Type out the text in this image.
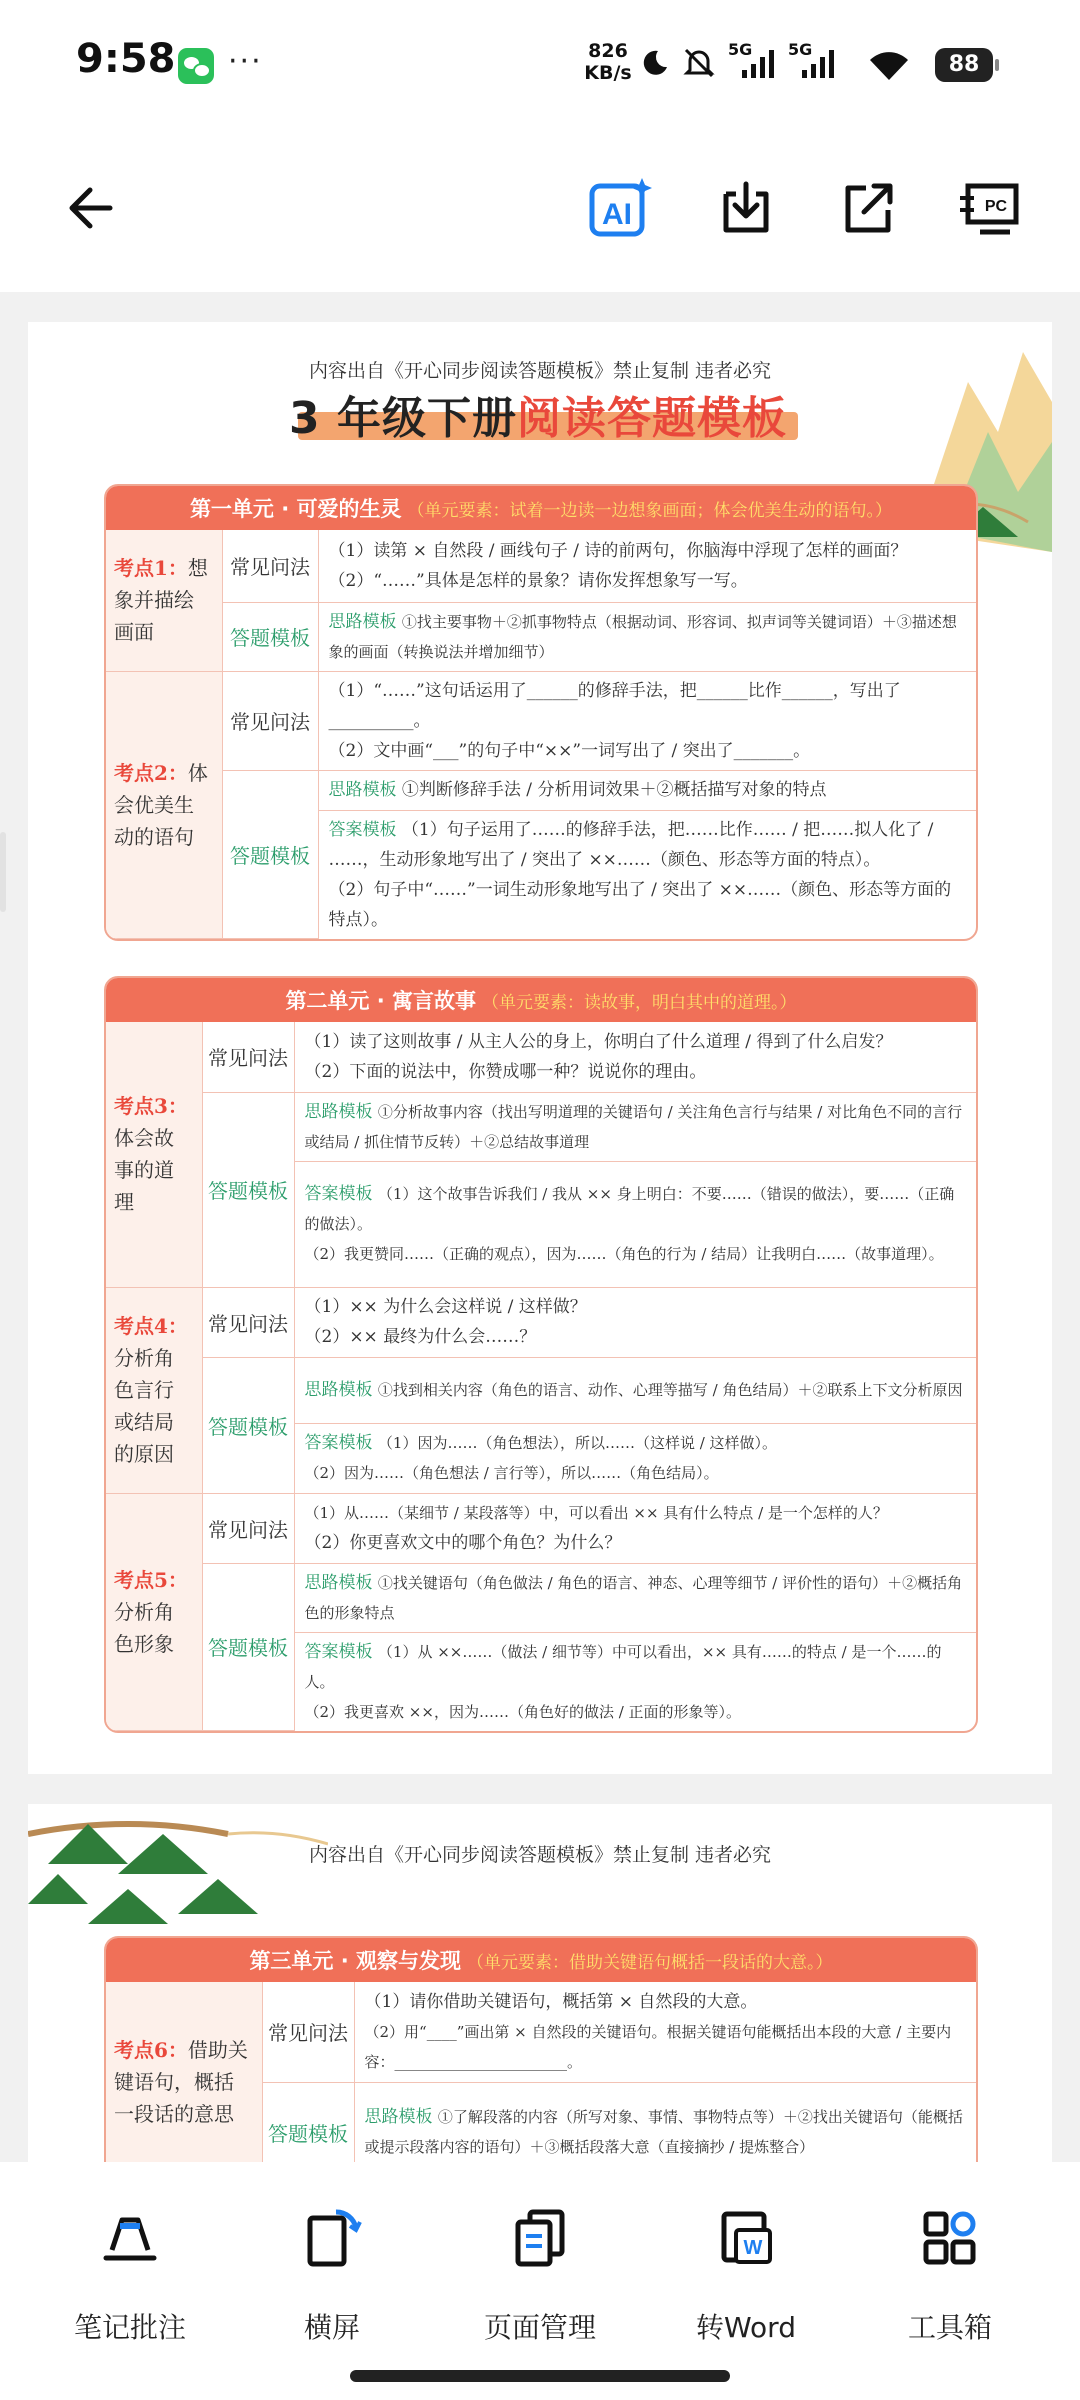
9:58 ···	826
KB/s
5G 5G
88
AI	PC
内容出自《开心同步阅读答题模板》禁止复制 违者必究
3 年级下册阅读答题模板
第一单元 · 可爱的生灵 （单元要素：试着一边读一边想象画面；体会优美生动的语句。）
考点1：想象并描绘画面	常见问法	（1）读第 × 自然段 / 画线句子 / 诗的前两句，你脑海中浮现了怎样的画面？
（2）“……”具体是怎样的景象？请你发挥想象写一写。

	答题模板	思路模板 ①找主要事物＋②抓事物特点（根据动词、形容词、拟声词等关键词语）＋③描述想象的画面（转换说法并增加细节）
考点2：体会优美生动的语句	常见问法	（1）“……”这句话运用了______的修辞手法，把______比作______，写出了__________。
（2）文中画“___”的句子中“××”一词写出了 / 突出了_______。

	答题模板	思路模板 ①判断修辞手法 / 分析用词效果＋②概括描写对象的特点

		答案模板 （1）句子运用了……的修辞手法，把……比作…… / 把……拟人化了 / ……，生动形象地写出了 / 突出了 ××……（颜色、形态等方面的特点）。
（2）句子中“……”一词生动形象地写出了 / 突出了 ××……（颜色、形态等方面的特点）。
第二单元 · 寓言故事 （单元要素：读故事，明白其中的道理。）
考点3：体会故事的道理	常见问法	（1）读了这则故事 / 从主人公的身上，你明白了什么道理 / 得到了什么启发？
（2）下面的说法中，你赞成哪一种？说说你的理由。

	答题模板	思路模板 ①分析故事内容（找出写明道理的关键语句 / 关注角色言行与结果 / 对比角色不同的言行或结局 / 抓住情节反转）＋②总结故事道理

		答案模板 （1）这个故事告诉我们 / 我从 ×× 身上明白：不要……（错误的做法），要……（正确的做法）。
（2）我更赞同……（正确的观点），因为……（角色的行为 / 结局）让我明白……（故事道理）。

考点4：分析角色言行或结局的原因	常见问法	（1）×× 为什么会这样说 / 这样做？
（2）×× 最终为什么会……？

	答题模板	思路模板 ①找到相关内容（角色的语言、动作、心理等描写 / 角色结局）＋②联系上下文分析原因

		答案模板 （1）因为……（角色想法），所以……（这样说 / 这样做）。
（2）因为……（角色想法 / 言行等），所以……（角色结局）。

考点5：分析角色形象	常见问法	（1）从……（某细节 / 某段落等）中，可以看出 ×× 具有什么特点 / 是一个怎样的人？
（2）你更喜欢文中的哪个角色？为什么？

	答题模板	思路模板 ①找关键语句（角色做法 / 角色的语言、神态、心理等细节 / 评价性的语句）＋②概括角色的形象特点

		答案模板 （1）从 ××……（做法 / 细节等）中可以看出，×× 具有……的特点 / 是一个……的人。
（2）我更喜欢 ××，因为……（角色好的做法 / 正面的形象等）。
内容出自《开心同步阅读答题模板》禁止复制 违者必究
第三单元 · 观察与发现 （单元要素：借助关键语句概括一段话的大意。）
考点6：借助关键语句，概括一段话的意思	常见问法	（1）请你借助关键语句，概括第 × 自然段的大意。
（2）用“____”画出第 × 自然段的关键语句。根据关键语句能概括出本段的大意 / 主要内容：_______________________。

	答题模板	思路模板 ①了解段落的内容（所写对象、事情、事物特点等）＋②找出关键语句（能概括或提示段落内容的语句）＋③概括段落大意（直接摘抄 / 提炼整合）
笔记批注	横屏	页面管理
W
转Word	工具箱
